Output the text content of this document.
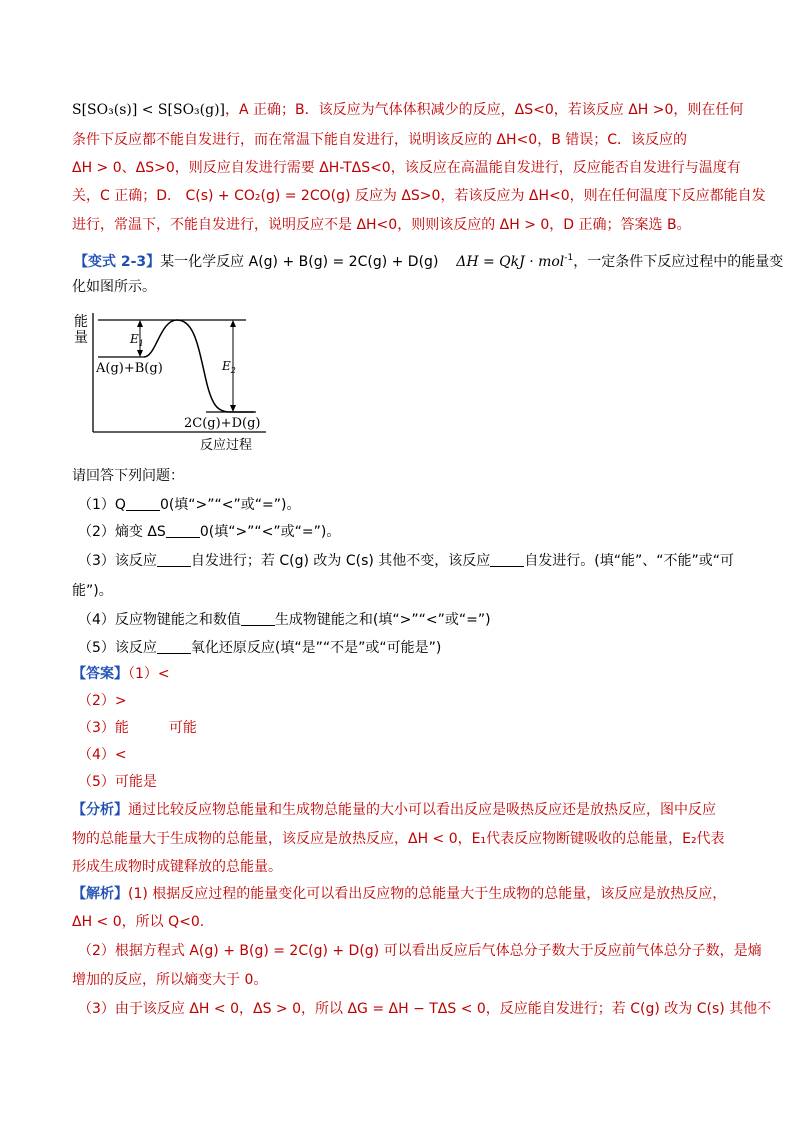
S[SO₃(s)] < S[SO₃(g)]，A 正确；B．该反应为气体体积减少的反应，ΔS<0，若该反应 ΔH >0，则在任何
条件下反应都不能自发进行，而在常温下能自发进行，说明该反应的 ΔH<0，B 错误；C．该反应的
ΔH > 0、ΔS>0，则反应自发进行需要 ΔH-TΔS<0，该反应在高温能自发进行，反应能否自发进行与温度有
关，C 正确；D． C(s) + CO₂(g) = 2CO(g) 反应为 ΔS>0，若该反应为 ΔH<0，则在任何温度下反应都能自发
进行，常温下，不能自发进行，说明反应不是 ΔH<0，则则该反应的 ΔH > 0，D 正确；答案选 B。
【变式 2-3】某一化学反应 A(g) + B(g) = 2C(g) + D(g) ΔH = QkJ · mol$^{-1}$，一定条件下反应过程中的能量变
化如图所示。
能
量	$E_1$
$E_2$
A(g)+B(g)
2C(g)+D(g)
反应过程
请回答下列问题：
（1）Q 0(填“>”“<”或“=”)。
（2）熵变 ΔS 0(填“>”“<”或“=”)。
（3）该反应 自发进行；若 C(g) 改为 C(s) 其他不变，该反应 自发进行。(填“能”、“不能”或“可
能”)。
（4）反应物键能之和数值 生成物键能之和(填“>”“<”或“=”)
（5）该反应 氧化还原反应(填“是”“不是”或“可能是”)
【答案】（1）<
（2）>
（3）能	可能
（4）<
（5）可能是
【分析】通过比较反应物总能量和生成物总能量的大小可以看出反应是吸热反应还是放热反应，图中反应
物的总能量大于生成物的总能量，该反应是放热反应，ΔH < 0，E₁代表反应物断键吸收的总能量，E₂代表
形成生成物时成键释放的总能量。
【解析】(1) 根据反应过程的能量变化可以看出反应物的总能量大于生成物的总能量，该反应是放热反应，
ΔH < 0，所以 Q<0.
（2）根据方程式 A(g) + B(g) = 2C(g) + D(g) 可以看出反应后气体总分子数大于反应前气体总分子数，是熵
增加的反应，所以熵变大于 0。
（3）由于该反应 ΔH < 0，ΔS > 0，所以 ΔG = ΔH − TΔS < 0，反应能自发进行；若 C(g) 改为 C(s) 其他不
